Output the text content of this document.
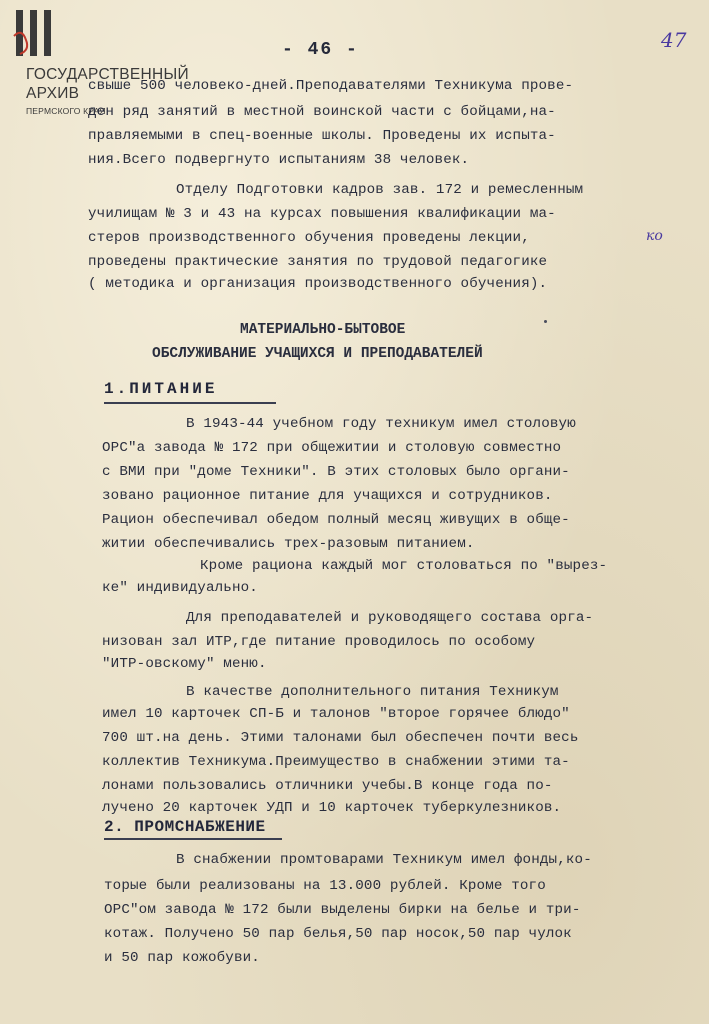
ГОСУДАРСТВЕННЫЙ
АРХИВ
ПЕРМСКОГО КРАЯ
- 46 -	47
свыше 500 человеко-дней.Преподавателями Техникума прове-
ден ряд занятий в местной воинской части с бойцами,на-
правляемыми в спец-военные школы. Проведены их испыта-
ния.Всего подвергнуто испытаниям 38 человек.
Отделу Подготовки кадров зав. 172 и ремесленным
училищам № 3 и 43 на курсах повышения квалификации ма-
стеров производственного обучения проведены лекции,	ко
проведены практические занятия по трудовой педагогике
( методика и организация производственного обучения).
МАТЕРИАЛЬНО-БЫТОВОЕ
ОБСЛУЖИВАНИЕ УЧАЩИХСЯ И ПРЕПОДАВАТЕЛЕЙ
1.ПИТАНИЕ
В 1943-44 учебном году техникум имел столовую
ОРС"а завода № 172 при общежитии и столовую совместно
с ВМИ при "доме Техники". В этих столовых было органи-
зовано рационное питание для учащихся и сотрудников.
Рацион обеспечивал обедом полный месяц живущих в обще-
житии обеспечивались трех-разовым питанием.
Кроме рациона каждый мог столоваться по "вырез-
ке" индивидуально.
Для преподавателей и руководящего состава орга-
низован зал ИТР,где питание проводилось по особому
"ИТР-овскому" меню.
В качестве дополнительного питания Техникум
имел 10 карточек СП-Б и талонов "второе горячее блюдо"
700 шт.на день. Этими талонами был обеспечен почти весь
коллектив Техникума.Преимущество в снабжении этими та-
лонами пользовались отличники учебы.В конце года по-
лучено 20 карточек УДП и 10 карточек туберкулезников.
2. ПРОМСНАБЖЕНИЕ
В снабжении промтоварами Техникум имел фонды,ко-
торые были реализованы на 13.000 рублей. Кроме того
ОРС"ом завода № 172 были выделены бирки на белье и три-
котаж. Получено 50 пар белья,50 пар носок,50 пар чулок
и 50 пар кожобуви.
